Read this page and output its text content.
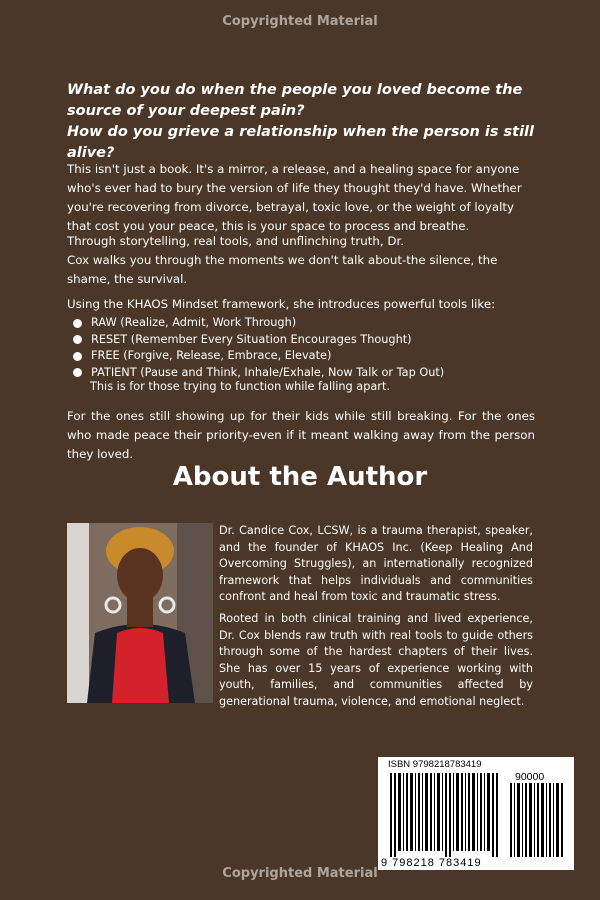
Copyrighted Material

What do you do when the people you loved become the source of your deepest pain?

How do you grieve a relationship when the person is still alive?

This isn't just a book. It's a mirror, a release, and a healing space for anyone who's ever had to bury the version of life they thought they'd have. Whether you're recovering from divorce, betrayal, toxic love, or the weight of loyalty that cost you your peace, this is your space to process and breathe.

Through storytelling, real tools, and unflinching truth, Dr.
Cox walks you through the moments we don't talk about-the silence, the shame, the survival.

Using the KHAOS Mindset framework, she introduces powerful tools like:

RAW (Realize, Admit, Work Through)
RESET (Remember Every Situation Encourages Thought)
FREE (Forgive, Release, Embrace, Elevate)
PATIENT (Pause and Think, Inhale/Exhale, Now Talk or Tap Out)
This is for those trying to function while falling apart.

For the ones still showing up for their kids while still breaking. For the ones who made peace their priority-even if it meant walking away from the person they loved.

About the Author

Dr. Candice Cox, LCSW, is a trauma therapist, speaker, and the founder of KHAOS Inc. (Keep Healing And Overcoming Struggles), an internationally recognized framework that helps individuals and communities confront and heal from toxic and traumatic stress.

Rooted in both clinical training and lived experience, Dr. Cox blends raw truth with real tools to guide others through some of the hardest chapters of their lives. She has over 15 years of experience working with youth, families, and communities affected by generational trauma, violence, and emotional neglect.

ISBN 9798218783419
90000
9 798218 783419
Copyrighted Material
